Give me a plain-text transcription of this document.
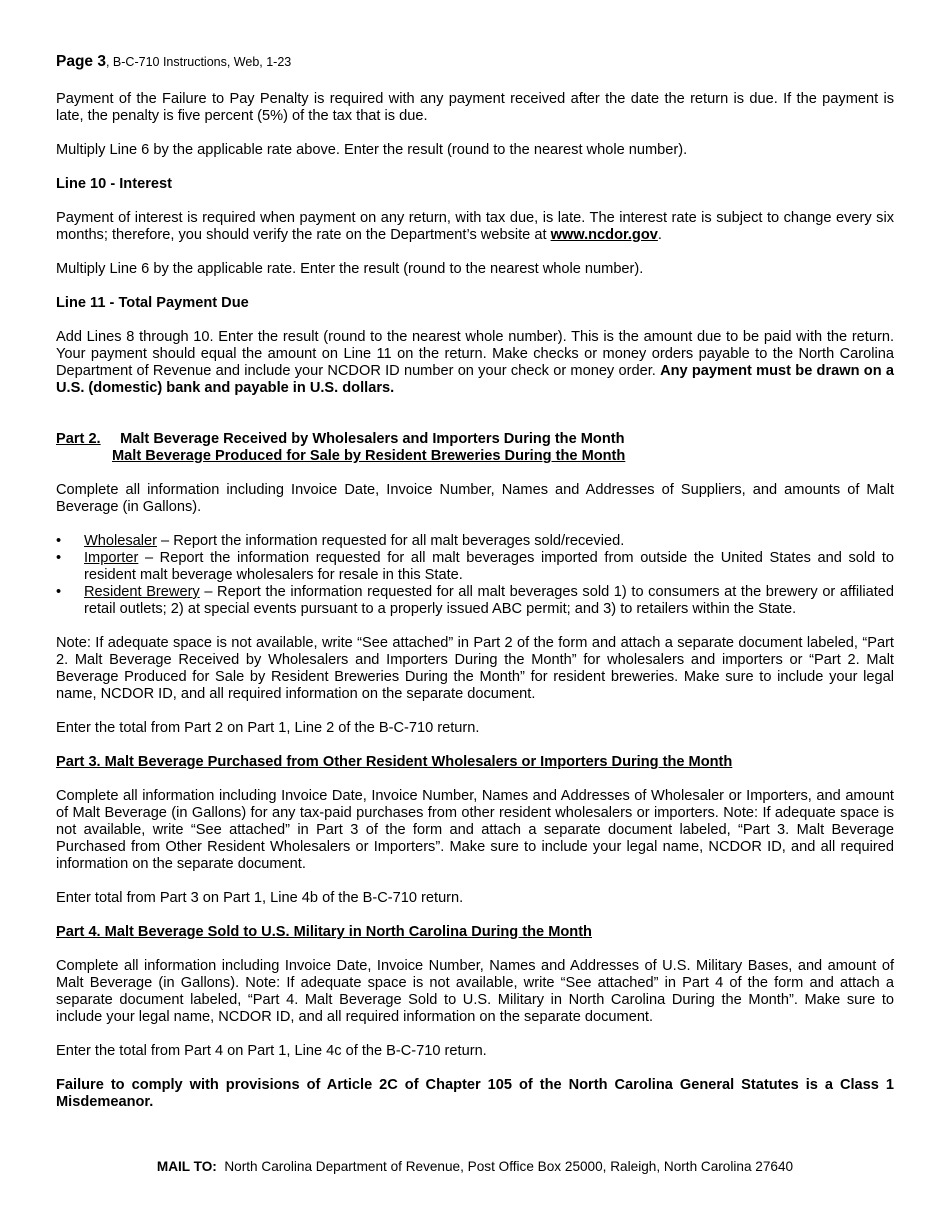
Page 3, B-C-710 Instructions, Web, 1-23

Payment of the Failure to Pay Penalty is required with any payment received after the date the return is due. If the payment is late, the penalty is five percent (5%) of the tax that is due.

Multiply Line 6 by the applicable rate above. Enter the result (round to the nearest whole number).

Line 10 - Interest

Payment of interest is required when payment on any return, with tax due, is late. The interest rate is subject to change every six months; therefore, you should verify the rate on the Department’s website at www.ncdor.gov.

Multiply Line 6 by the applicable rate. Enter the result (round to the nearest whole number).

Line 11 - Total Payment Due

Add Lines 8 through 10. Enter the result (round to the nearest whole number). This is the amount due to be paid with the return. Your payment should equal the amount on Line 11 on the return. Make checks or money orders payable to the North Carolina Department of Revenue and include your NCDOR ID number on your check or money order. Any payment must be drawn on a U.S. (domestic) bank and payable in U.S. dollars.

Part 2. Malt Beverage Received by Wholesalers and Importers During the Month
Malt Beverage Produced for Sale by Resident Breweries During the Month

Complete all information including Invoice Date, Invoice Number, Names and Addresses of Suppliers, and amounts of Malt Beverage (in Gallons).

•	Wholesaler – Report the information requested for all malt beverages sold/recevied.
•	Importer – Report the information requested for all malt beverages imported from outside the United States and sold to resident malt beverage wholesalers for resale in this State.
•	Resident Brewery – Report the information requested for all malt beverages sold 1) to consumers at the brewery or affiliated retail outlets; 2) at special events pursuant to a properly issued ABC permit; and 3) to retailers within the State.

Note: If adequate space is not available, write “See attached” in Part 2 of the form and attach a separate document labeled, “Part 2. Malt Beverage Received by Wholesalers and Importers During the Month” for wholesalers and importers or “Part 2. Malt Beverage Produced for Sale by Resident Breweries During the Month” for resident breweries. Make sure to include your legal name, NCDOR ID, and all required information on the separate document.

Enter the total from Part 2 on Part 1, Line 2 of the B-C-710 return.

Part 3. Malt Beverage Purchased from Other Resident Wholesalers or Importers During the Month

Complete all information including Invoice Date, Invoice Number, Names and Addresses of Wholesaler or Importers, and amount of Malt Beverage (in Gallons) for any tax-paid purchases from other resident wholesalers or importers. Note: If adequate space is not available, write “See attached” in Part 3 of the form and attach a separate document labeled, “Part 3. Malt Beverage Purchased from Other Resident Wholesalers or Importers”. Make sure to include your legal name, NCDOR ID, and all required information on the separate document.

Enter total from Part 3 on Part 1, Line 4b of the B-C-710 return.

Part 4. Malt Beverage Sold to U.S. Military in North Carolina During the Month

Complete all information including Invoice Date, Invoice Number, Names and Addresses of U.S. Military Bases, and amount of Malt Beverage (in Gallons). Note: If adequate space is not available, write “See attached” in Part 4 of the form and attach a separate document labeled, “Part 4. Malt Beverage Sold to U.S. Military in North Carolina During the Month”. Make sure to include your legal name, NCDOR ID, and all required information on the separate document.

Enter the total from Part 4 on Part 1, Line 4c of the B-C-710 return.

Failure to comply with provisions of Article 2C of Chapter 105 of the North Carolina General Statutes is a Class 1 Misdemeanor.

MAIL TO:  North Carolina Department of Revenue, Post Office Box 25000, Raleigh, North Carolina 27640
